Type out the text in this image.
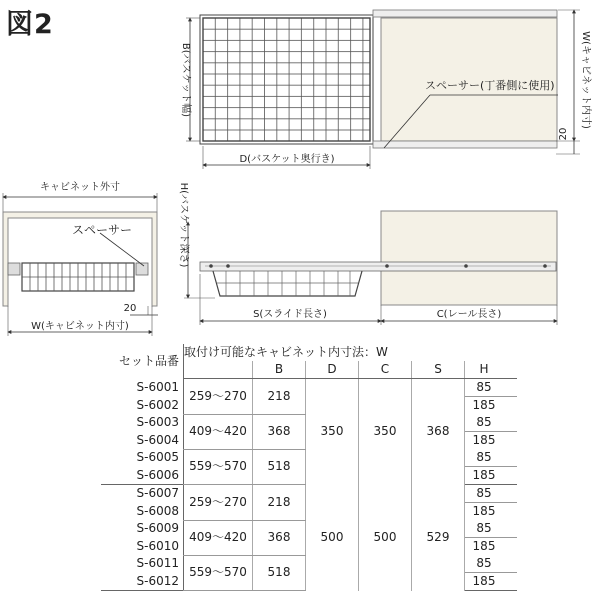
図2
B(バスケット幅)
D(バスケット奥行き)
スペーサー(丁番側に使用)	W(キャビネット内寸)
20
キャビネット外寸
スペーサー
20
W(キャビネット内寸)
H(バスケット深さ)
S(スライド長さ)	C(レール長さ)
セット品番	取付け可能なキャビネット内寸法：W					
		B	D	C	S	H
S-6001	259〜270	218	350	350	368	85
S-6002						185
S-6003	409〜420	368				85
S-6004						185
S-6005	559〜570	518				85
S-6006						185
S-6007	259〜270	218	500	500	529	85
S-6008						185
S-6009	409〜420	368				85
S-6010						185
S-6011	559〜570	518				85
S-6012						185
